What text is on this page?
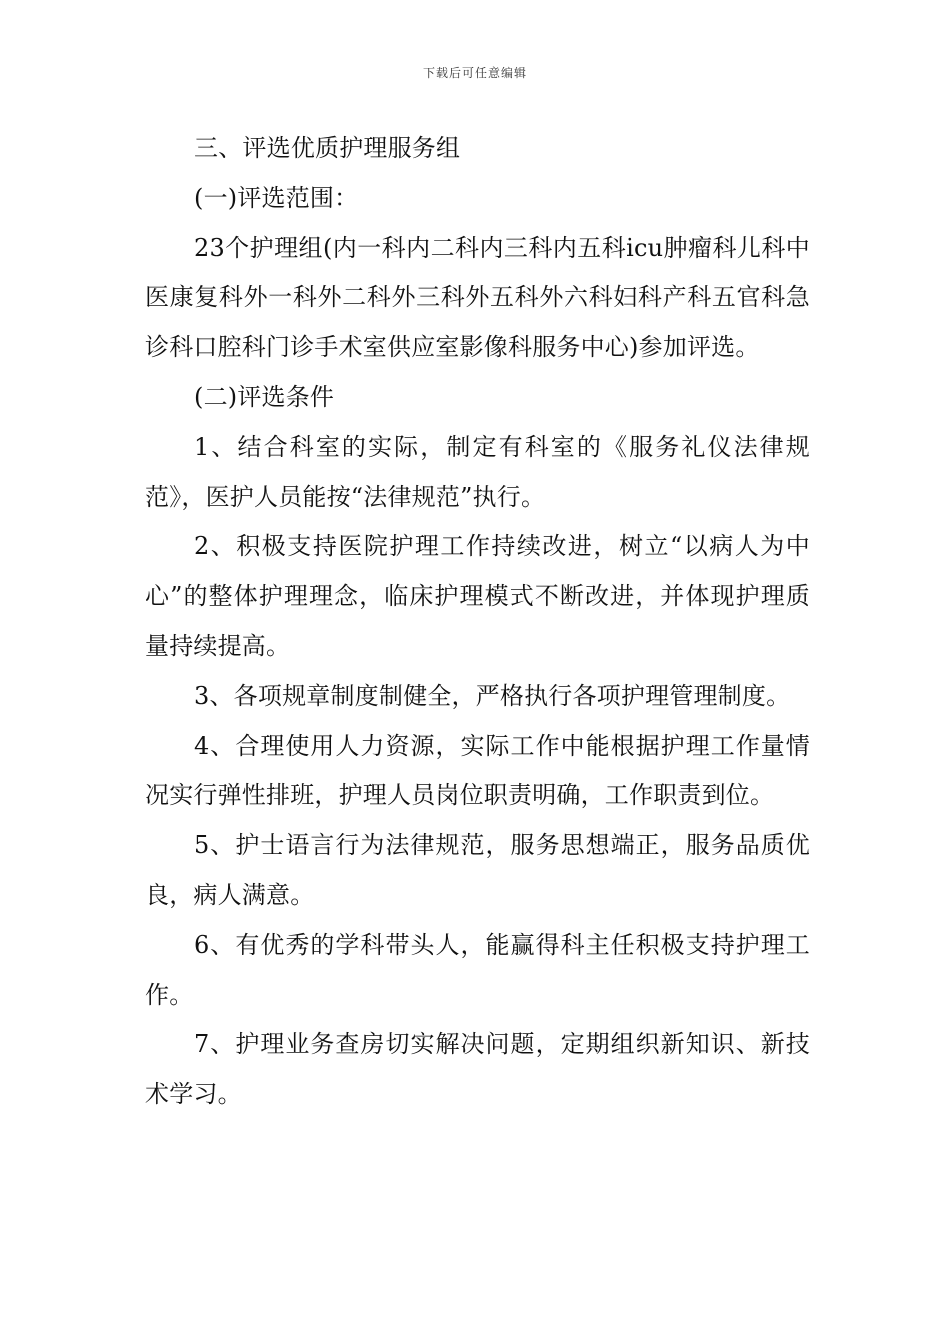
下载后可任意编辑

三、评选优质护理服务组

(一)评选范围：

23个护理组(内一科内二科内三科内五科icu肿瘤科儿科中医康复科外一科外二科外三科外五科外六科妇科产科五官科急诊科口腔科门诊手术室供应室影像科服务中心)参加评选。

(二)评选条件

1、结合科室的实际，制定有科室的《服务礼仪法律规范》，医护人员能按“法律规范”执行。

2、积极支持医院护理工作持续改进，树立“以病人为中心”的整体护理理念，临床护理模式不断改进，并体现护理质量持续提高。

3、各项规章制度制健全，严格执行各项护理管理制度。

4、合理使用人力资源，实际工作中能根据护理工作量情况实行弹性排班，护理人员岗位职责明确，工作职责到位。

5、护士语言行为法律规范，服务思想端正，服务品质优良，病人满意。

6、有优秀的学科带头人，能赢得科主任积极支持护理工作。

7、护理业务查房切实解决问题，定期组织新知识、新技术学习。
